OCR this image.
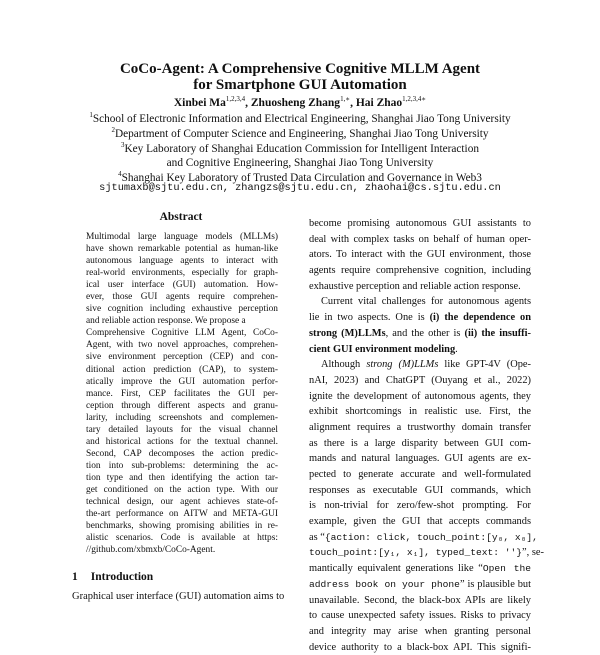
CoCo-Agent: A Comprehensive Cognitive MLLM Agent
for Smartphone GUI Automation
Xinbei Ma$^{1,2,3,4}$, Zhuosheng Zhang$^{1,∗}$, Hai Zhao$^{1,2,3,4∗}$
$^1$School of Electronic Information and Electrical Engineering, Shanghai Jiao Tong University
$^2$Department of Computer Science and Engineering, Shanghai Jiao Tong University
$^3$Key Laboratory of Shanghai Education Commission for Intelligent Interaction
and Cognitive Engineering, Shanghai Jiao Tong University
$^4$Shanghai Key Laboratory of Trusted Data Circulation and Governance in Web3
sjtumaxb@sjtu.edu.cn, zhangzs@sjtu.edu.cn, zhaohai@cs.sjtu.edu.cn
Abstract
Multimodal large language models (MLLMs)
have shown remarkable potential as human-like
autonomous language agents to interact with
real-world environments, especially for graph-
ical user interface (GUI) automation. How-
ever, those GUI agents require comprehen-
sive cognition including exhaustive perception
and reliable action response. We propose a
Comprehensive Cognitive LLM Agent, CoCo-
Agent, with two novel approaches, comprehen-
sive environment perception (CEP) and con-
ditional action prediction (CAP), to system-
atically improve the GUI automation perfor-
mance. First, CEP facilitates the GUI per-
ception through different aspects and granu-
larity, including screenshots and complemen-
tary detailed layouts for the visual channel
and historical actions for the textual channel.
Second, CAP decomposes the action predic-
tion into sub-problems: determining the ac-
tion type and then identifying the action tar-
get conditioned on the action type. With our
technical design, our agent achieves state-of-
the-art performance on AITW and META-GUI
benchmarks, showing promising abilities in re-
alistic scenarios. Code is available at https:
//github.com/xbmxb/CoCo-Agent.
1 Introduction
Graphical user interface (GUI) automation aims to
become promising autonomous GUI assistants to
deal with complex tasks on behalf of human oper-
ators. To interact with the GUI environment, those
agents require comprehensive cognition, including
exhaustive perception and reliable action response.
Current vital challenges for autonomous agents
lie in two aspects. One is (i) the dependence on
strong (M)LLMs, and the other is (ii) the insuffi-
cient GUI environment modeling.
Although strong (M)LLMs like GPT-4V (Ope-
nAI, 2023) and ChatGPT (Ouyang et al., 2022)
ignite the development of autonomous agents, they
exhibit shortcomings in realistic use. First, the
alignment requires a trustworthy domain transfer
as there is a large disparity between GUI com-
mands and natural languages. GUI agents are ex-
pected to generate accurate and well-formulated
responses as executable GUI commands, which
is non-trivial for zero/few-shot prompting. For
example, given the GUI that accepts commands
as “{action: click, touch_point:[y₀, x₀],
touch_point:[y₁, x₁], typed_text: ''}”, se-
mantically equivalent generations like “Open the
address book on your phone” is plausible but
unavailable. Second, the black-box APIs are likely
to cause unexpected safety issues. Risks to privacy
and integrity may arise when granting personal
device authority to a black-box API. This signifi-
